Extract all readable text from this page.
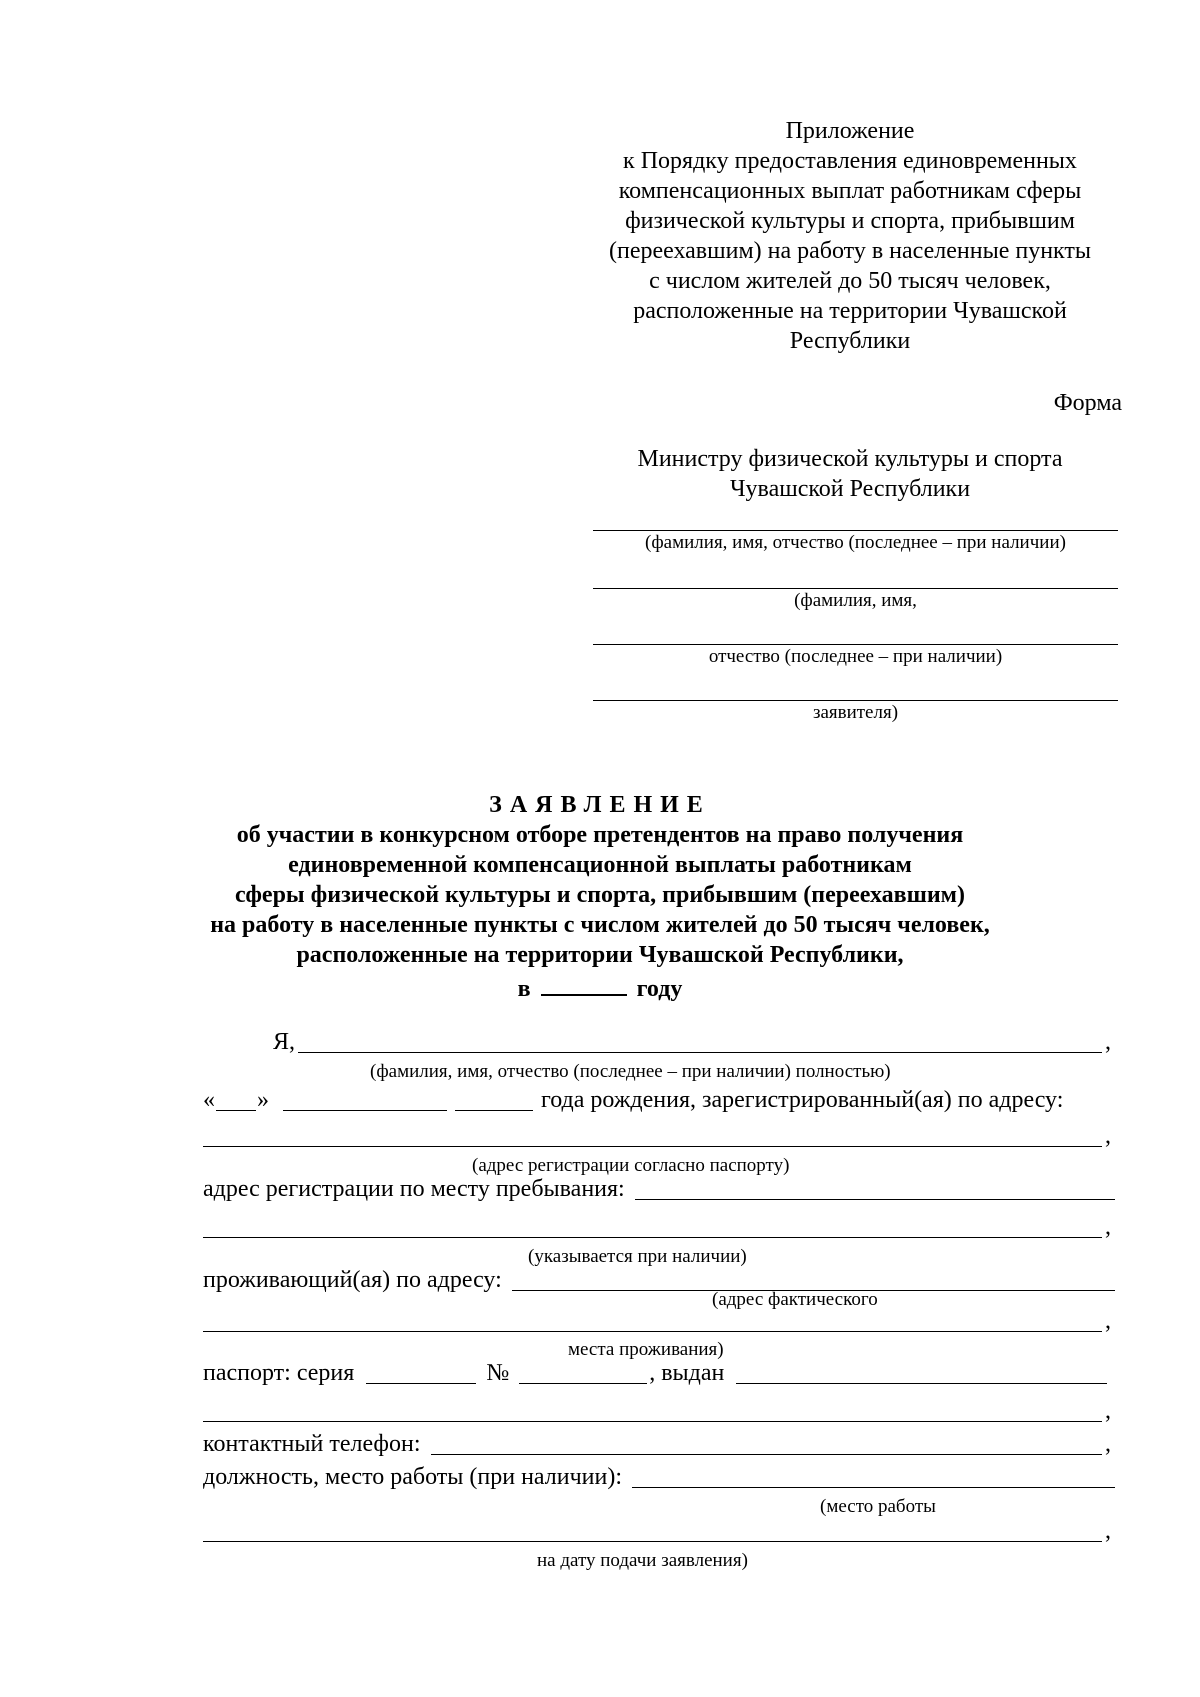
Приложение
к Порядку предоставления единовременных
компенсационных выплат работникам сферы
физической культуры и спорта, прибывшим
(переехавшим) на работу в населенные пункты
с числом жителей до 50 тысяч человек,
расположенные на территории Чувашской
Республики
Форма
Министру физической культуры и спорта
Чувашской Республики
(фамилия, имя, отчество (последнее – при наличии)
(фамилия, имя,
отчество (последнее – при наличии)
заявителя)
ЗАЯВЛЕНИЕ
об участии в конкурсном отборе претендентов на право получения
единовременной компенсационной выплаты работникам
сферы физической культуры и спорта, прибывшим (переехавшим)
на работу в населенные пункты с числом жителей до 50 тысяч человек,
расположенные на территории Чувашской Республики,
в	году
Я,	,
(фамилия, имя, отчество (последнее – при наличии) полностью)
« »	года рождения, зарегистрированный(ая) по адресу:
,
(адрес регистрации согласно паспорту)
адрес регистрации по месту пребывания:
,
(указывается при наличии)
проживающий(ая) по адресу:
(адрес фактического
,
места проживания)
паспорт: серия	№	, выдан
,
контактный телефон:	,
должность, место работы (при наличии):
(место работы
,
на дату подачи заявления)
